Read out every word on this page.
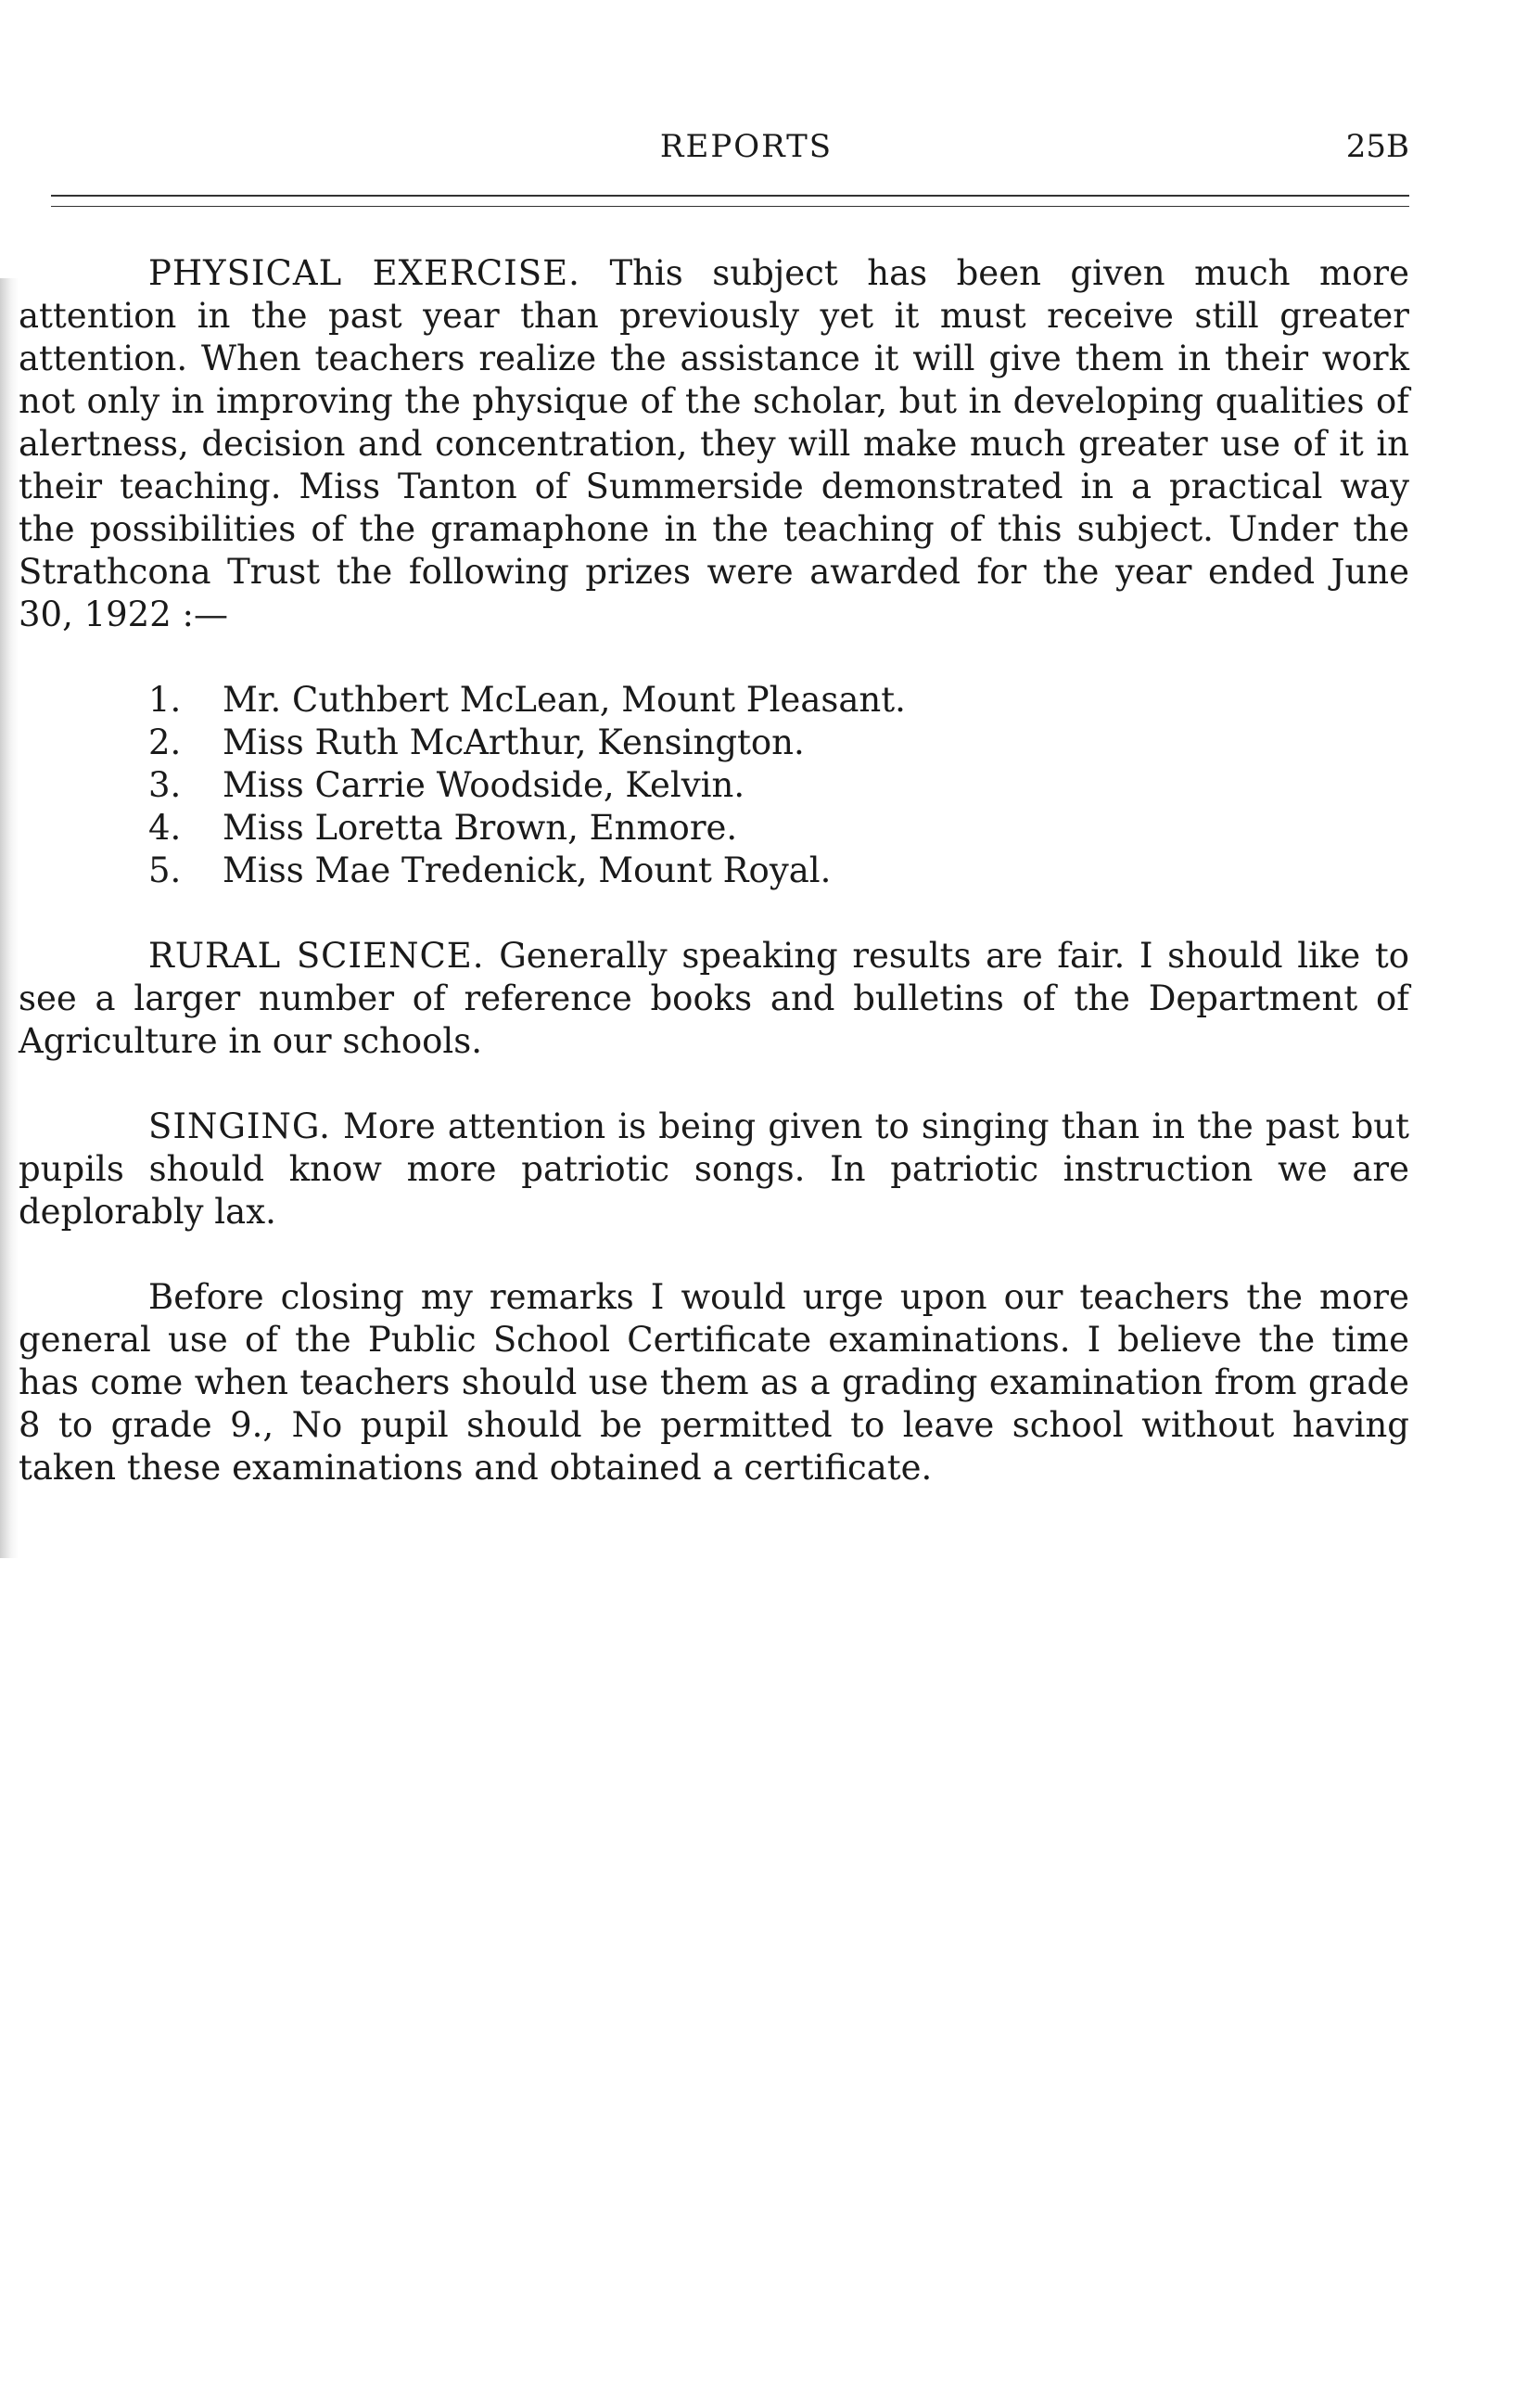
REPORTS	25B

PHYSICAL EXERCISE. This subject has been given much more attention in the past year than previously yet it must receive still greater attention. When teachers realize the assistance it will give them in their work not only in improving the physique of the scholar, but in developing qualities of alertness, decision and concentration, they will make much greater use of it in their teaching. Miss Tanton of Summerside demonstrated in a practical way the possibilities of the gramaphone in the teaching of this subject. Under the Strathcona Trust the following prizes were awarded for the year ended June 30, 1922 :—

1.	Mr. Cuthbert McLean, Mount Pleasant.
2.	Miss Ruth McArthur, Kensington.
3.	Miss Carrie Woodside, Kelvin.
4.	Miss Loretta Brown, Enmore.
5.	Miss Mae Tredenick, Mount Royal.

RURAL SCIENCE. Generally speaking results are fair. I should like to see a larger number of reference books and bulletins of the Department of Agriculture in our schools.

SINGING. More attention is being given to singing than in the past but pupils should know more patriotic songs. In patriotic instruction we are deplorably lax.

Before closing my remarks I would urge upon our teachers the more general use of the Public School Certificate examinations. I believe the time has come when teachers should use them as a grading examination from grade 8 to grade 9., No pupil should be permitted to leave school without having taken these examinations and obtained a certificate.
